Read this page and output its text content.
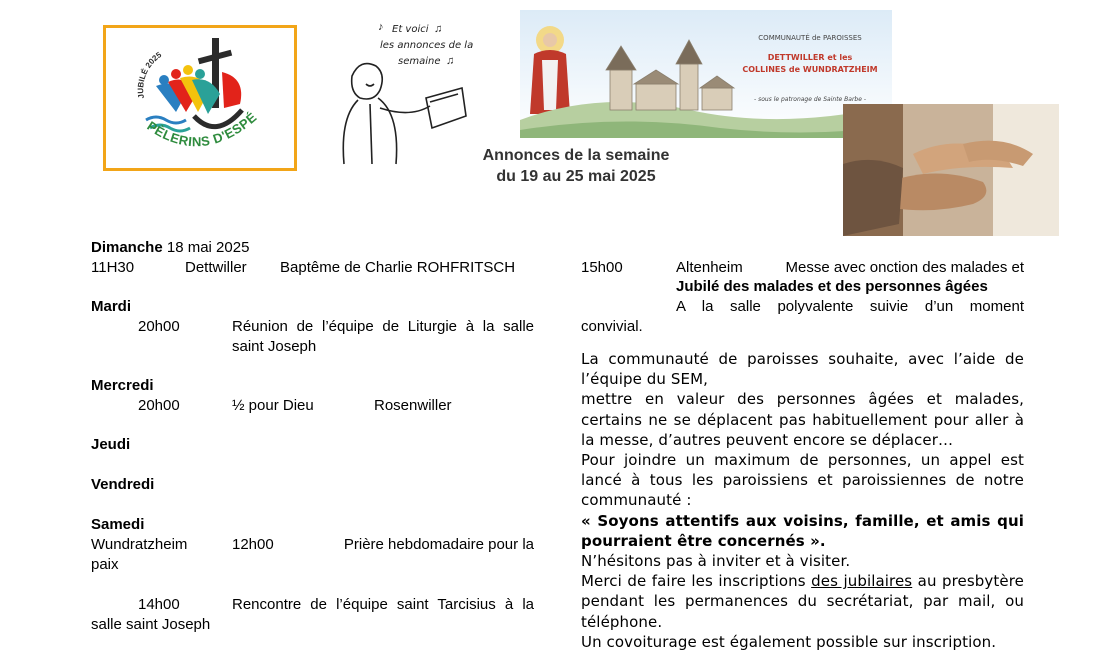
JUBILÉ 2025
PÈLERINS D'ESPÉ
Et voici
les annonces de la
semaine
♪	♫
♫
COMMUNAUTÉ de PAROISSES
DETTWILLER et les
COLLINES de WUNDRATZHEIM
- sous le patronage de Sainte Barbe -
Annonces de la semaine
du 19 au 25 mai 2025
Dimanche 18 mai 2025
11H30	Dettwiller Baptême de Charlie ROHFRITSCH
Mardi
20h00	Réunion de l’équipe de Liturgie à la salle
saint Joseph
Mercredi
20h00	½ pour Dieu	Rosenwiller
Jeudi
Vendredi
Samedi
Wundratzheim	12h00	Prière hebdomadaire pour la
paix
14h00	Rencontre de l’équipe saint Tarcisius à la
salle saint Joseph
15h00	Altenheim	Messe avec onction des malades et
Jubilé des malades et des personnes âgées
A la salle polyvalente suivie d’un moment
convivial.

La communauté de paroisses souhaite, avec l’aide de l’équipe du SEM,

mettre en valeur des personnes âgées et malades, certains ne se déplacent pas habituellement pour aller à la messe, d’autres peuvent encore se déplacer…

Pour joindre un maximum de personnes, un appel est lancé à tous les paroissiens et paroissiennes de notre communauté :

« Soyons attentifs aux voisins, famille, et amis qui pourraient être concernés ».

N’hésitons pas à inviter et à visiter.

Merci de faire les inscriptions des jubilaires au presbytère pendant les permanences du secrétariat, par mail, ou téléphone.

Un covoiturage est également possible sur inscription.
